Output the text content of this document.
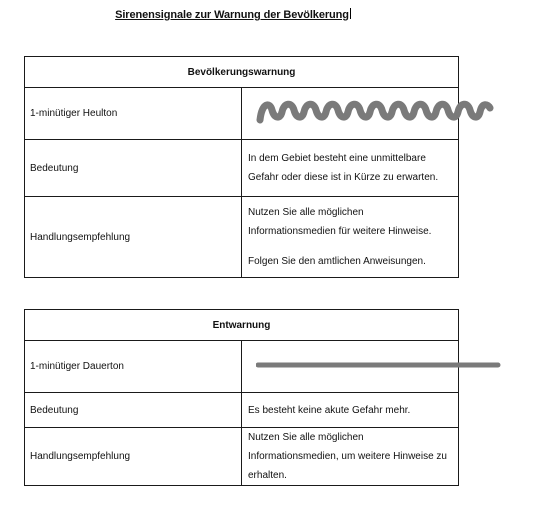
Sirenensignale zur Warnung der Bevölkerung
Bevölkerungswarnung	
1-minütiger Heulton	
Bedeutung	In dem Gebiet besteht eine unmittelbare Gefahr oder diese ist in Kürze zu erwarten.
Handlungsempfehlung	Nutzen Sie alle möglichen Informationsmedien für weitere Hinweise.

Folgen Sie den amtlichen Anweisungen.

Entwarnung	
1-minütiger Dauerton	
Bedeutung	Es besteht keine akute Gefahr mehr.
Handlungsempfehlung	Nutzen Sie alle möglichen Informationsmedien, um weitere Hinweise zu erhalten.
